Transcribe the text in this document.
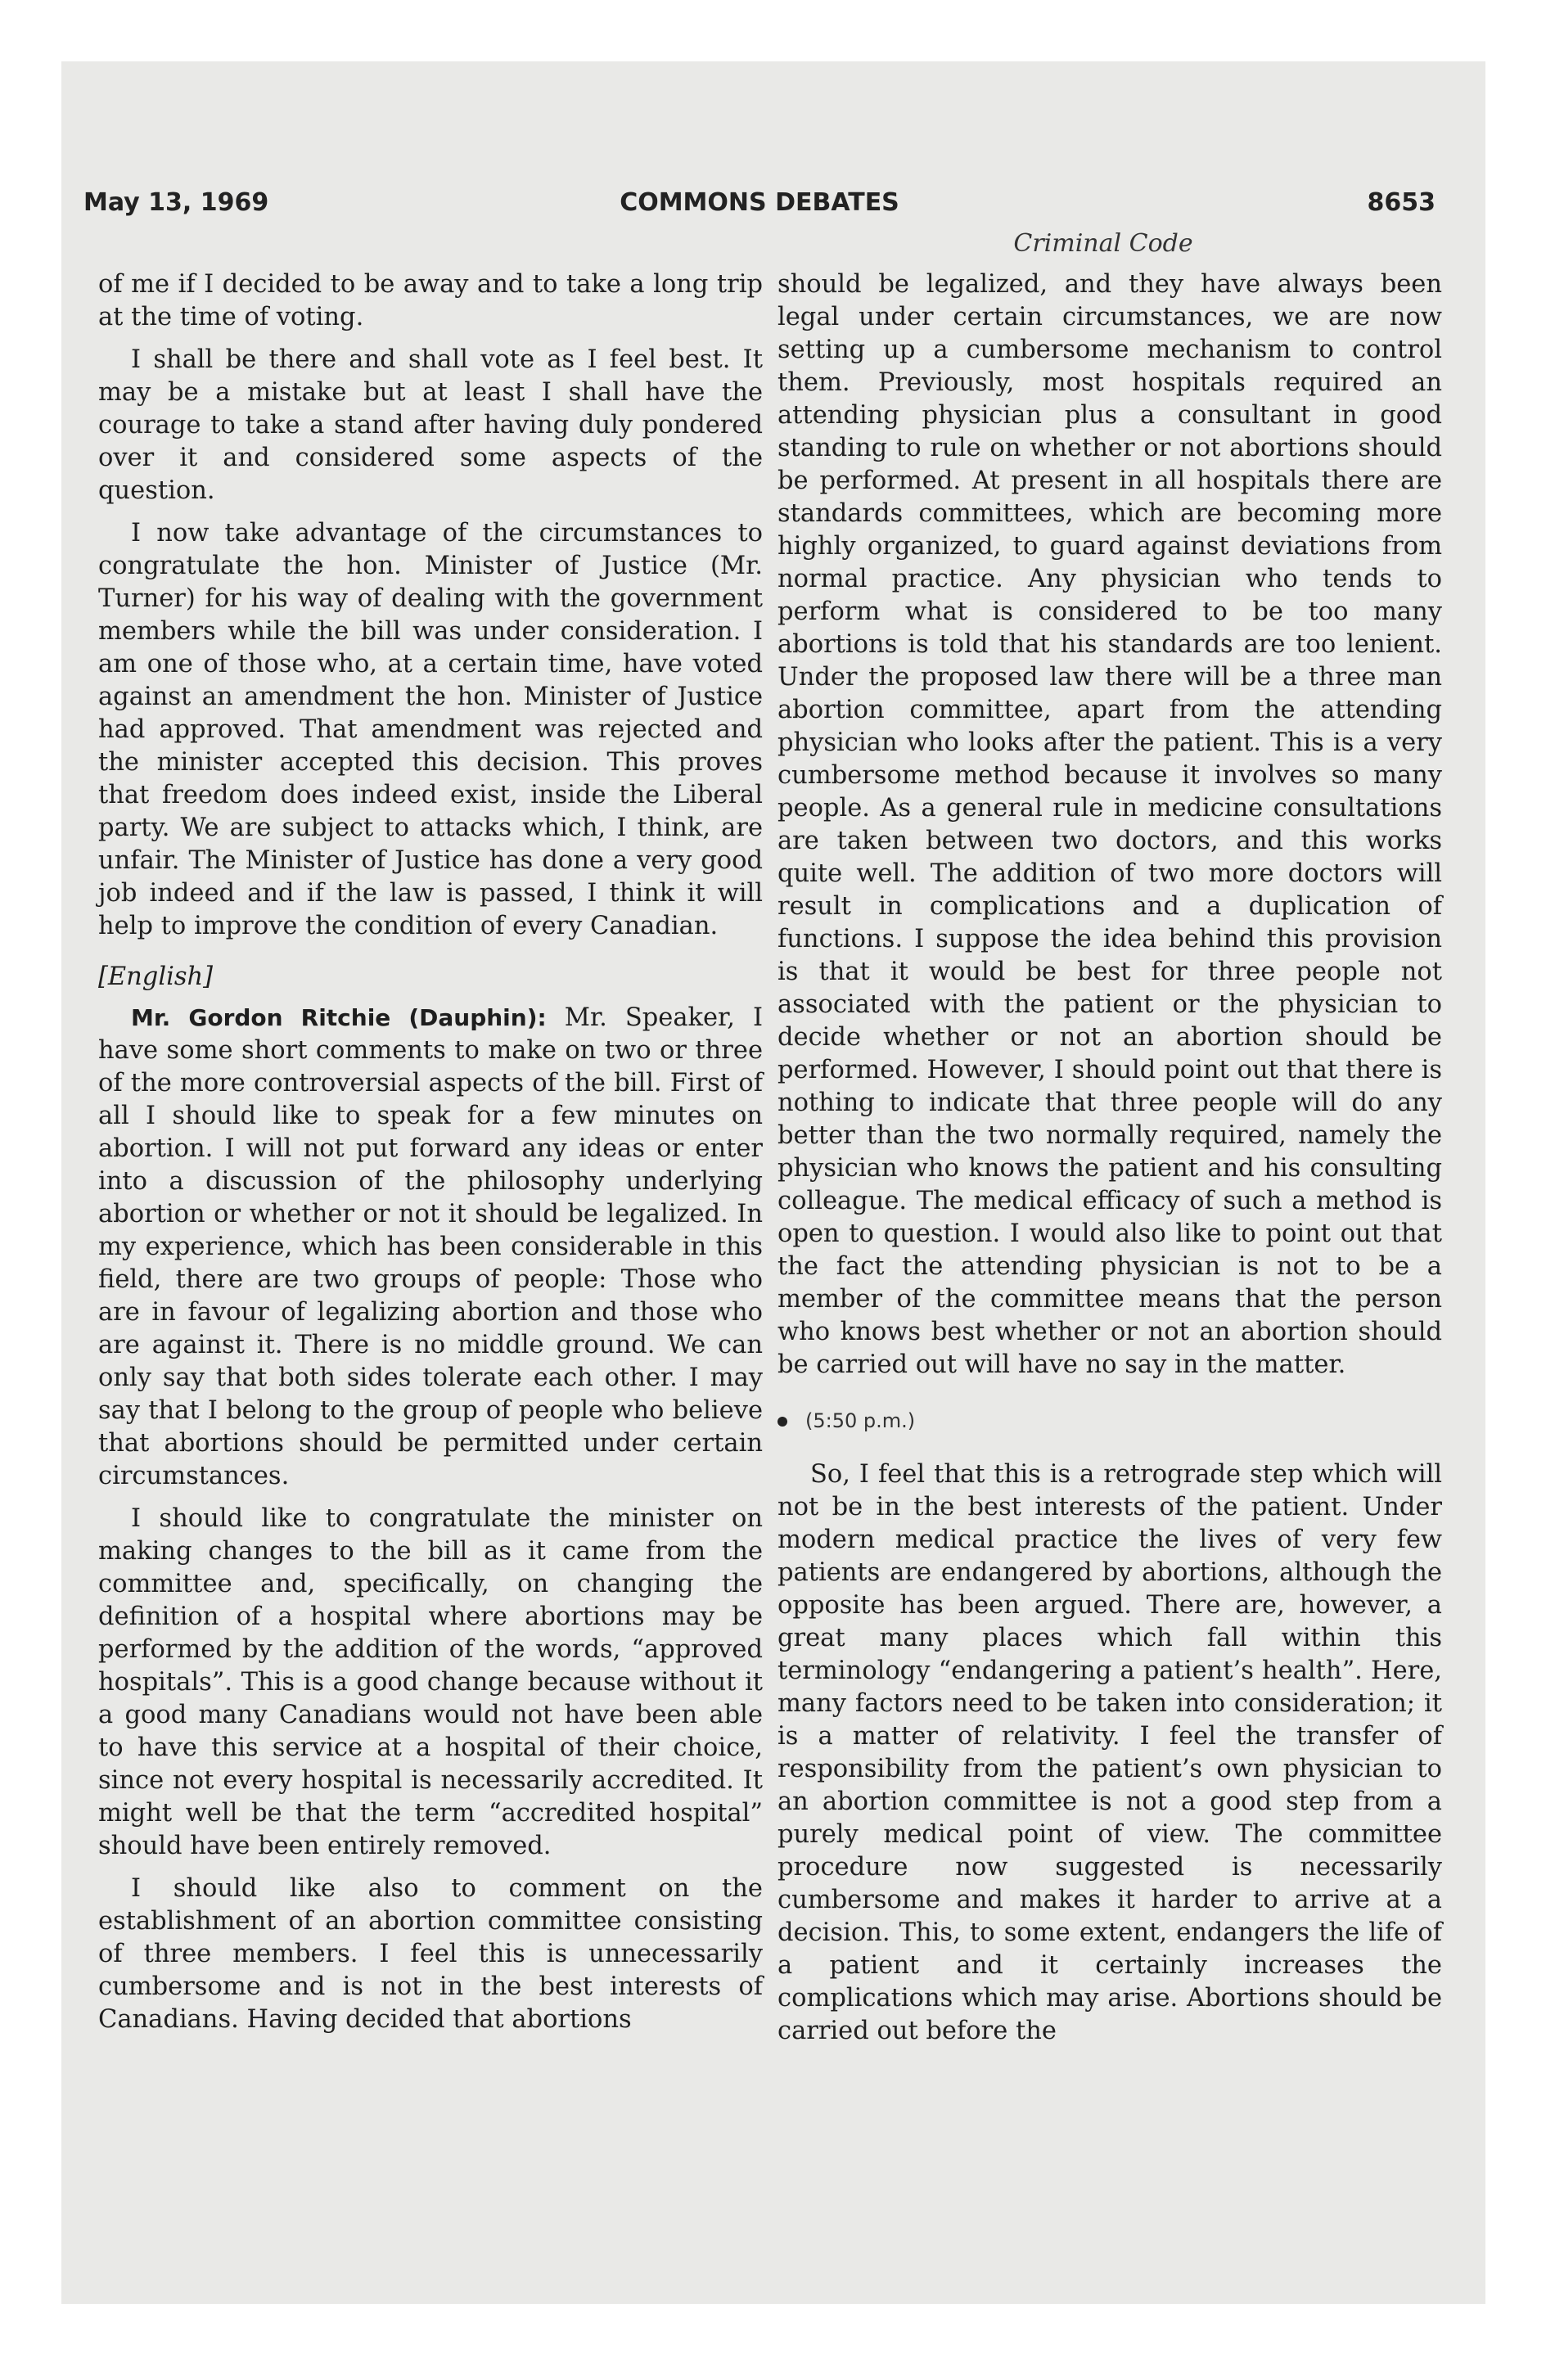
May 13, 1969	COMMONS DEBATES	8653
Criminal Code

of me if I decided to be away and to take a long trip at the time of voting.

I shall be there and shall vote as I feel best. It may be a mistake but at least I shall have the courage to take a stand after having duly pondered over it and considered some aspects of the question.

I now take advantage of the circumstances to congratulate the hon. Minister of Justice (Mr. Turner) for his way of dealing with the government members while the bill was under consideration. I am one of those who, at a certain time, have voted against an amendment the hon. Minister of Justice had approved. That amendment was rejected and the minister accepted this decision. This proves that freedom does indeed exist, inside the Liberal party. We are subject to attacks which, I think, are unfair. The Minister of Justice has done a very good job indeed and if the law is passed, I think it will help to improve the condition of every Canadian.

[English]

Mr. Gordon Ritchie (Dauphin): Mr. Speaker, I have some short comments to make on two or three of the more controversial aspects of the bill. First of all I should like to speak for a few minutes on abortion. I will not put forward any ideas or enter into a discussion of the philosophy underlying abortion or whether or not it should be legalized. In my experience, which has been considerable in this field, there are two groups of people: Those who are in favour of legalizing abortion and those who are against it. There is no middle ground. We can only say that both sides tolerate each other. I may say that I belong to the group of people who believe that abortions should be permitted under certain circumstances.

I should like to congratulate the minister on making changes to the bill as it came from the committee and, specifically, on changing the definition of a hospital where abortions may be performed by the addition of the words, “approved hospitals”. This is a good change because without it a good many Canadians would not have been able to have this service at a hospital of their choice, since not every hospital is necessarily accredited. It might well be that the term “accredited hospital” should have been entirely removed.

I should like also to comment on the establishment of an abortion committee consisting of three members. I feel this is unnecessarily cumbersome and is not in the best interests of Canadians. Having decided that abortions

should be legalized, and they have always been legal under certain circumstances, we are now setting up a cumbersome mechanism to control them. Previously, most hospitals required an attending physician plus a consultant in good standing to rule on whether or not abortions should be performed. At present in all hospitals there are standards committees, which are becoming more highly organized, to guard against deviations from normal practice. Any physician who tends to perform what is considered to be too many abortions is told that his standards are too lenient. Under the proposed law there will be a three man abortion committee, apart from the attending physician who looks after the patient. This is a very cumbersome method because it involves so many people. As a general rule in medicine consultations are taken between two doctors, and this works quite well. The addition of two more doctors will result in complications and a duplication of functions. I suppose the idea behind this provision is that it would be best for three people not associated with the patient or the physician to decide whether or not an abortion should be performed. However, I should point out that there is nothing to indicate that three people will do any better than the two normally required, namely the physician who knows the patient and his consulting colleague. The medical efficacy of such a method is open to question. I would also like to point out that the fact the attending physician is not to be a member of the committee means that the person who knows best whether or not an abortion should be carried out will have no say in the matter.

(5:50 p.m.)

So, I feel that this is a retrograde step which will not be in the best interests of the patient. Under modern medical practice the lives of very few patients are endangered by abortions, although the opposite has been argued. There are, however, a great many places which fall within this terminology “endangering a patient’s health”. Here, many factors need to be taken into consideration; it is a matter of relativity. I feel the transfer of responsibility from the patient’s own physician to an abortion committee is not a good step from a purely medical point of view. The committee procedure now suggested is necessarily cumbersome and makes it harder to arrive at a decision. This, to some extent, endangers the life of a patient and it certainly increases the complications which may arise. Abortions should be carried out before the
